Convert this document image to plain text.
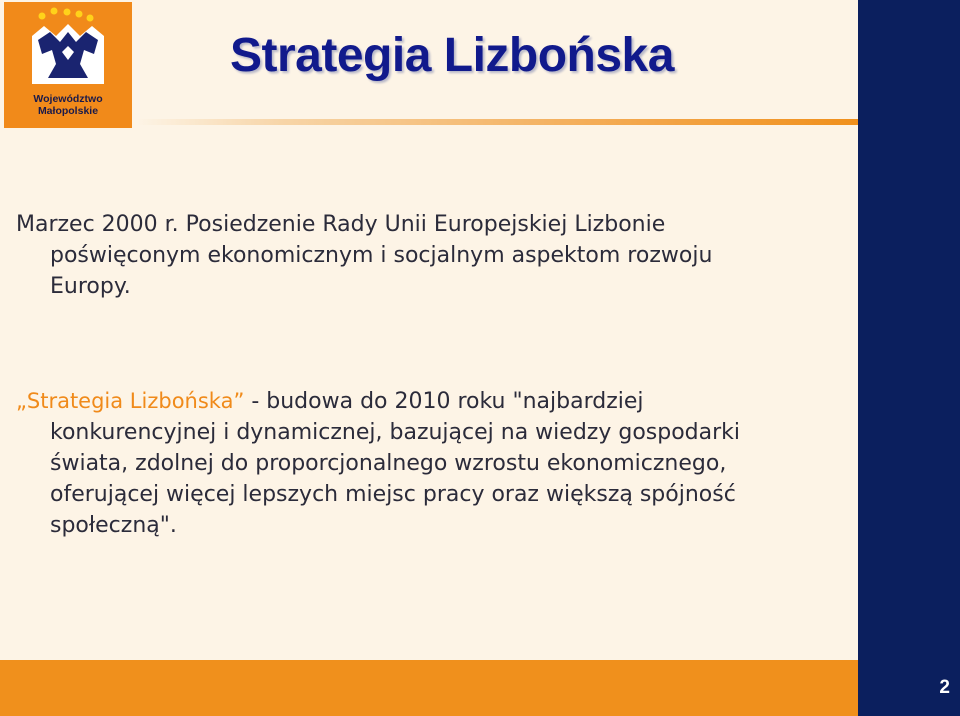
Województwo
Małopolskie
Strategia Lizbońska
Marzec 2000 r. Posiedzenie Rady Unii Europejskiej Lizbonie
poświęconym ekonomicznym i socjalnym aspektom rozwoju
Europy.
„Strategia Lizbońska” - budowa do 2010 roku "najbardziej
konkurencyjnej i dynamicznej, bazującej na wiedzy gospodarki
świata, zdolnej do proporcjonalnego wzrostu ekonomicznego,
oferującej więcej lepszych miejsc pracy oraz większą spójność
społeczną".
2
